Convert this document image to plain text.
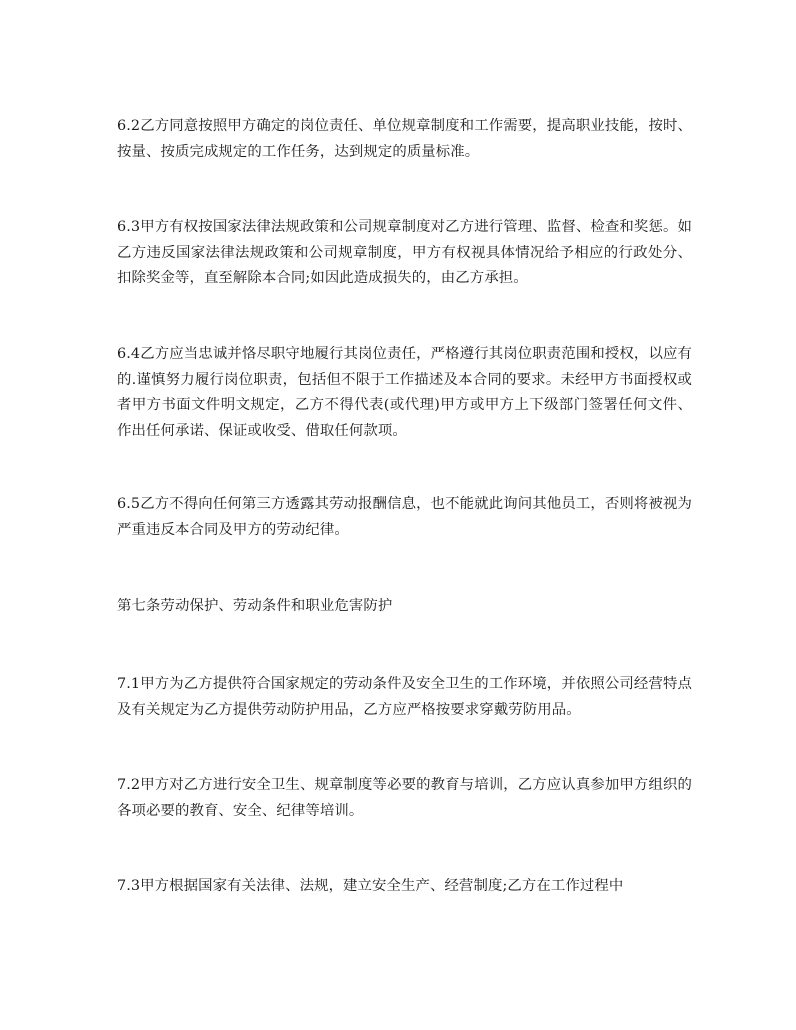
6.2乙方同意按照甲方确定的岗位责任、单位规章制度和工作需要，提高职业技能，按时、按量、按质完成规定的工作任务，达到规定的质量标准。

6.3甲方有权按国家法律法规政策和公司规章制度对乙方进行管理、监督、检查和奖惩。如乙方违反国家法律法规政策和公司规章制度，甲方有权视具体情况给予相应的行政处分、扣除奖金等，直至解除本合同;如因此造成损失的，由乙方承担。

6.4乙方应当忠诚并恪尽职守地履行其岗位责任，严格遵行其岗位职责范围和授权，以应有的.谨慎努力履行岗位职责，包括但不限于工作描述及本合同的要求。未经甲方书面授权或者甲方书面文件明文规定，乙方不得代表(或代理)甲方或甲方上下级部门签署任何文件、作出任何承诺、保证或收受、借取任何款项。

6.5乙方不得向任何第三方透露其劳动报酬信息，也不能就此询问其他员工，否则将被视为严重违反本合同及甲方的劳动纪律。

第七条劳动保护、劳动条件和职业危害防护

7.1甲方为乙方提供符合国家规定的劳动条件及安全卫生的工作环境，并依照公司经营特点及有关规定为乙方提供劳动防护用品，乙方应严格按要求穿戴劳防用品。

7.2甲方对乙方进行安全卫生、规章制度等必要的教育与培训，乙方应认真参加甲方组织的各项必要的教育、安全、纪律等培训。

7.3甲方根据国家有关法律、法规，建立安全生产、经营制度;乙方在工作过程中
